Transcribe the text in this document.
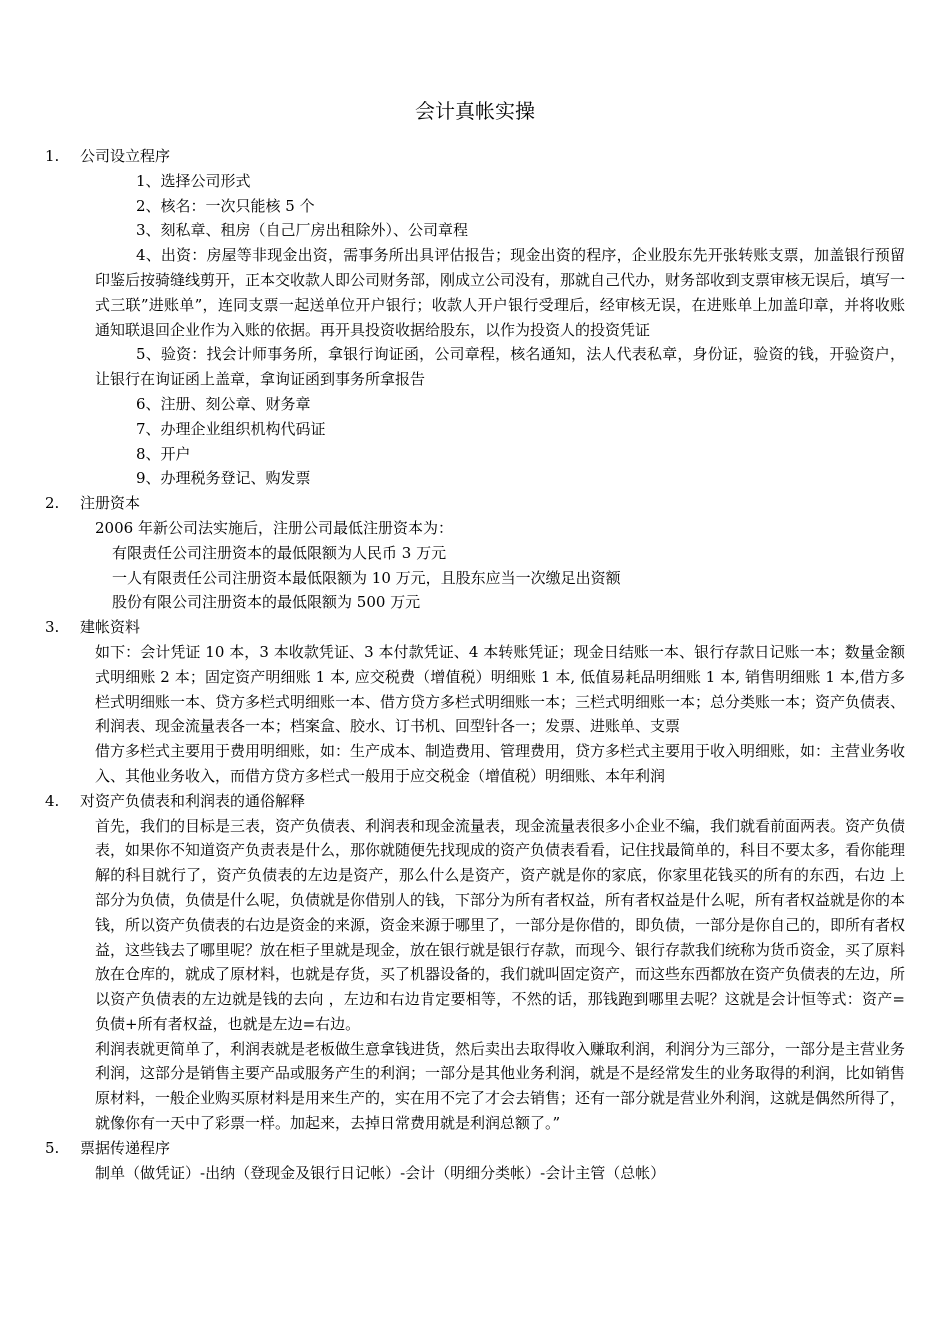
会计真帐实操
1. 公司设立程序
1、选择公司形式
2、核名：一次只能核 5 个
3、刻私章、租房（自己厂房出租除外）、公司章程
4、出资：房屋等非现金出资，需事务所出具评估报告；现金出资的程序，企业股东先开张转账支票，加盖银行预留印鉴后按骑缝线剪开，正本交收款人即公司财务部，刚成立公司没有，那就自己代办，财务部收到支票审核无误后，填写一式三联”进账单”，连同支票一起送单位开户银行；收款人开户银行受理后，经审核无误，在进账单上加盖印章，并将收账通知联退回企业作为入账的依据。再开具投资收据给股东，以作为投资人的投资凭证
5、验资：找会计师事务所，拿银行询证函，公司章程，核名通知，法人代表私章，身份证，验资的钱，开验资户，让银行在询证函上盖章，拿询证函到事务所拿报告
6、注册、刻公章、财务章
7、办理企业组织机构代码证
8、开户
9、办理税务登记、购发票
2. 注册资本
2006 年新公司法实施后，注册公司最低注册资本为：
有限责任公司注册资本的最低限额为人民币 3 万元
一人有限责任公司注册资本最低限额为 10 万元，且股东应当一次缴足出资额
股份有限公司注册资本的最低限额为 500 万元
3. 建帐资料
如下：会计凭证 10 本，3 本收款凭证、3 本付款凭证、4 本转账凭证；现金日结账一本、银行存款日记账一本；数量金额式明细账 2 本；固定资产明细账 1 本, 应交税费（增值税）明细账 1 本, 低值易耗品明细账 1 本, 销售明细账 1 本,借方多栏式明细账一本、贷方多栏式明细账一本、借方贷方多栏式明细账一本；三栏式明细账一本；总分类账一本；资产负债表、利润表、现金流量表各一本；档案盒、胶水、订书机、回型针各一；发票、进账单、支票
借方多栏式主要用于费用明细账，如：生产成本、制造费用、管理费用，贷方多栏式主要用于收入明细账，如：主营业务收入、其他业务收入，而借方贷方多栏式一般用于应交税金（增值税）明细账、本年利润
4. 对资产负债表和利润表的通俗解释
首先，我们的目标是三表，资产负债表、利润表和现金流量表，现金流量表很多小企业不编，我们就看前面两表。资产负债表，如果你不知道资产负责表是什么，那你就随便先找现成的资产负债表看看，记住找最简单的，科目不要太多，看你能理解的科目就行了，资产负债表的左边是资产，那么什么是资产，资产就是你的家底，你家里花钱买的所有的东西，右边 上部分为负债，负债是什么呢，负债就是你借别人的钱，下部分为所有者权益，所有者权益是什么呢，所有者权益就是你的本钱，所以资产负债表的右边是资金的来源，资金来源于哪里了，一部分是你借的，即负债，一部分是你自己的，即所有者权益，这些钱去了哪里呢？放在柜子里就是现金，放在银行就是银行存款，而现今、银行存款我们统称为货币资金，买了原料放在仓库的，就成了原材料，也就是存货，买了机器设备的，我们就叫固定资产，而这些东西都放在资产负债表的左边，所以资产负债表的左边就是钱的去向 ，左边和右边肯定要相等，不然的话，那钱跑到哪里去呢？这就是会计恒等式：资产=负债+所有者权益，也就是左边=右边。
利润表就更简单了，利润表就是老板做生意拿钱进货，然后卖出去取得收入赚取利润，利润分为三部分，一部分是主营业务利润，这部分是销售主要产品或服务产生的利润；一部分是其他业务利润，就是不是经常发生的业务取得的利润，比如销售原材料，一般企业购买原材料是用来生产的，实在用不完了才会去销售；还有一部分就是营业外利润，这就是偶然所得了，就像你有一天中了彩票一样。加起来，去掉日常费用就是利润总额了。”
5. 票据传递程序
制单（做凭证）-出纳（登现金及银行日记帐）-会计（明细分类帐）-会计主管（总帐）
